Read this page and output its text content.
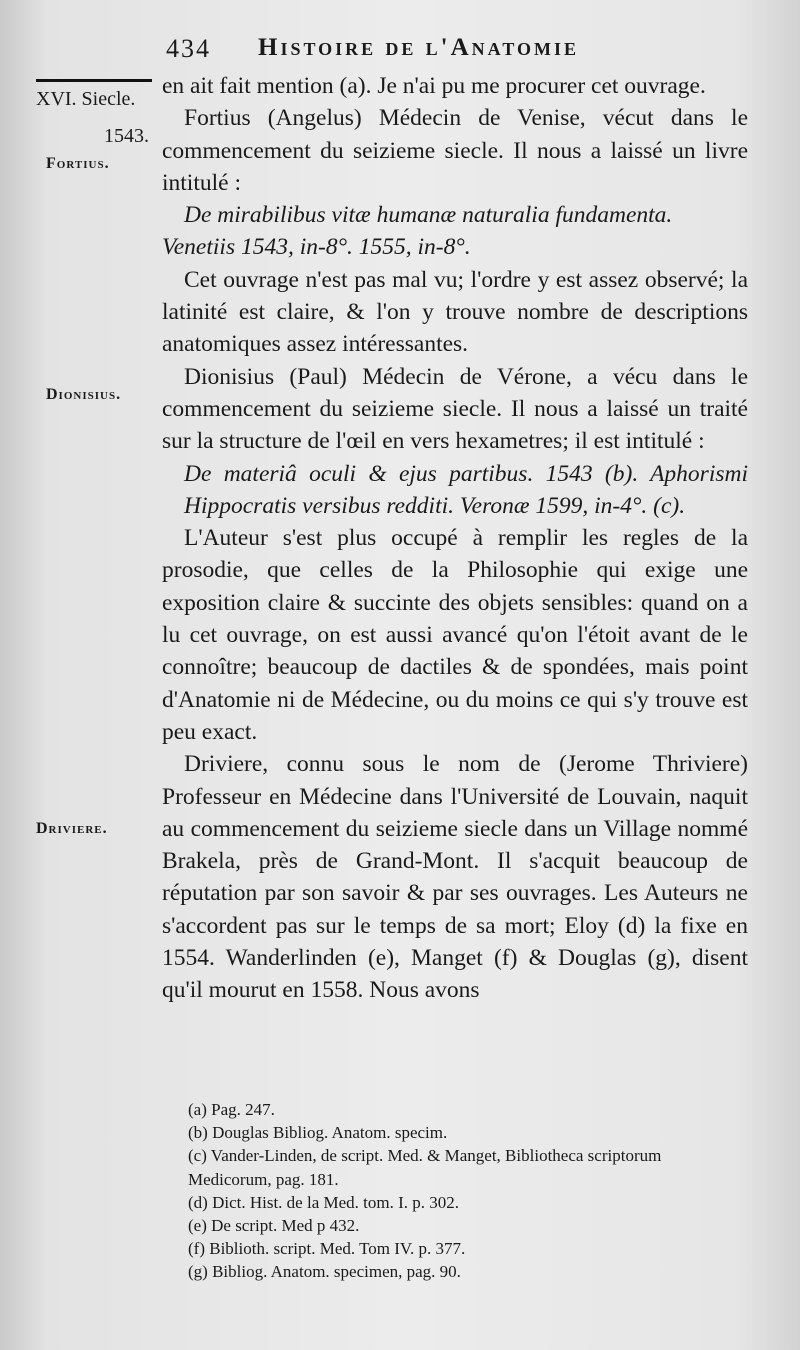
434 Histoire de l'Anatomie
XVI. Siecle.
1543.
Fortius.
Dionisius.
Driviere.

en ait fait mention (a). Je n'ai pu me procurer cet ouvrage.

Fortius (Angelus) Médecin de Venise, vécut dans le commencement du seizieme siecle. Il nous a laissé un livre intitulé :

De mirabilibus vitæ humanæ naturalia fundamenta.

Venetiis 1543, in-8°. 1555, in-8°.

Cet ouvrage n'est pas mal vu; l'ordre y est assez observé; la latinité est claire, & l'on y trouve nombre de descriptions anatomiques assez intéressantes.

Dionisius (Paul) Médecin de Vérone, a vécu dans le commencement du seizieme siecle. Il nous a laissé un traité sur la structure de l'œil en vers hexametres; il est intitulé :

De materiâ oculi & ejus partibus. 1543 (b). Aphorismi Hippocratis versibus redditi. Veronæ 1599, in-4°. (c).

L'Auteur s'est plus occupé à remplir les regles de la prosodie, que celles de la Philosophie qui exige une exposition claire & succinte des objets sensibles: quand on a lu cet ouvrage, on est aussi avancé qu'on l'étoit avant de le connoître; beaucoup de dactiles & de spondées, mais point d'Anatomie ni de Médecine, ou du moins ce qui s'y trouve est peu exact.

Driviere, connu sous le nom de (Jerome Thriviere) Professeur en Médecine dans l'Université de Louvain, naquit au commencement du seizieme siecle dans un Village nommé Brakela, près de Grand-Mont. Il s'acquit beaucoup de réputation par son savoir & par ses ouvrages. Les Auteurs ne s'accordent pas sur le temps de sa mort; Eloy (d) la fixe en 1554. Wanderlinden (e), Manget (f) & Douglas (g), disent qu'il mourut en 1558. Nous avons

(a) Pag. 247.
(b) Douglas Bibliog. Anatom. specim.
(c) Vander-Linden, de script. Med. & Manget, Bibliotheca scriptorum Medicorum, pag. 181.
(d) Dict. Hist. de la Med. tom. I. p. 302.
(e) De script. Med p 432.
(f) Biblioth. script. Med. Tom IV. p. 377.
(g) Bibliog. Anatom. specimen, pag. 90.
